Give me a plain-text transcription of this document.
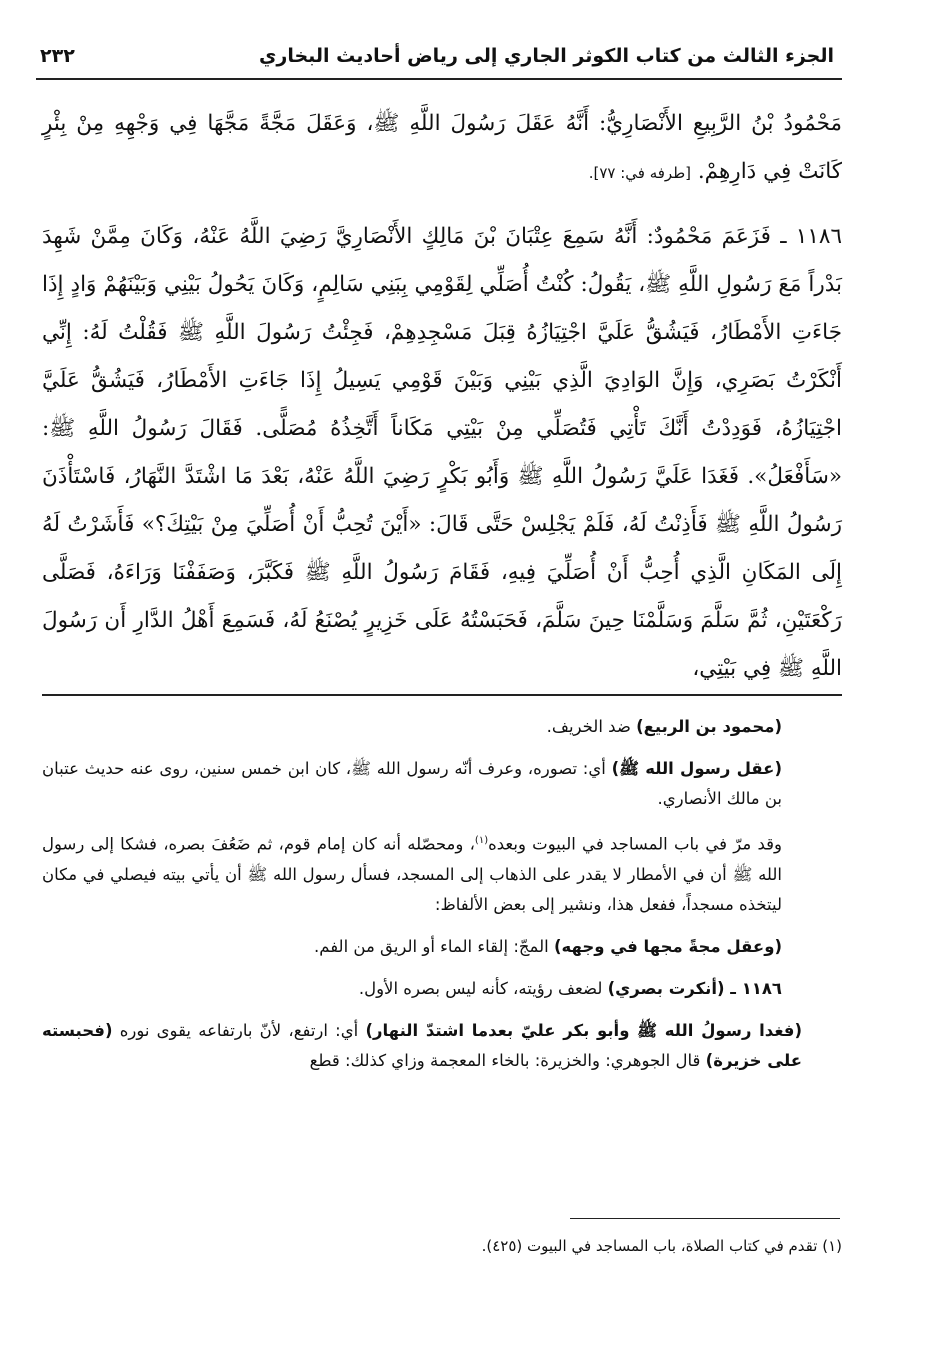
الجزء الثالث من كتاب الكوثر الجاري إلى رياض أحاديث البخاري
٢٣٢

مَحْمُودُ بْنُ الرَّبِيعِ الأَنْصَارِيُّ: أَنَّهُ عَقَلَ رَسُولَ اللَّهِ ﷺ، وَعَقَلَ مَجَّةً مَجَّهَا فِي وَجْهِهِ مِنْ بِئْرٍ كَانَتْ فِي دَارِهِمْ. [طرفه في: ٧٧].

١١٨٦ ـ فَزَعَمَ مَحْمُودٌ: أَنَّهُ سَمِعَ عِتْبَانَ بْنَ مَالِكٍ الأَنْصَارِيَّ رَضِيَ اللَّهُ عَنْهُ، وَكَانَ مِمَّنْ شَهِدَ بَدْراً مَعَ رَسُولِ اللَّهِ ﷺ، يَقُولُ: كُنْتُ أُصَلِّي لِقَوْمِي بِبَنِي سَالِمٍ، وَكَانَ يَحُولُ بَيْنِي وَبَيْنَهُمْ وَادٍ إِذَا جَاءَتِ الأَمْطَارُ، فَيَشُقُّ عَلَيَّ اجْتِيَازُهُ قِبَلَ مَسْجِدِهِمْ، فَجِئْتُ رَسُولَ اللَّهِ ﷺ فَقُلْتُ لَهُ: إِنِّي أَنْكَرْتُ بَصَرِي، وَإِنَّ الوَادِيَ الَّذِي بَيْنِي وَبَيْنَ قَوْمِي يَسِيلُ إِذَا جَاءَتِ الأَمْطَارُ، فَيَشُقُّ عَلَيَّ اجْتِيَازُهُ، فَوَدِدْتُ أَنَّكَ تَأْتِي فَتُصَلِّي مِنْ بَيْتِي مَكَاناً أَتَّخِذُهُ مُصَلًّى. فَقَالَ رَسُولُ اللَّهِ ﷺ: «سَأَفْعَلُ». فَغَدَا عَلَيَّ رَسُولُ اللَّهِ ﷺ وَأَبُو بَكْرٍ رَضِيَ اللَّهُ عَنْهُ، بَعْدَ مَا اشْتَدَّ النَّهَارُ، فَاسْتَأْذَنَ رَسُولُ اللَّهِ ﷺ فَأَذِنْتُ لَهُ، فَلَمْ يَجْلِسْ حَتَّى قَالَ: «أَيْنَ تُحِبُّ أَنْ أُصَلِّيَ مِنْ بَيْتِكَ؟» فَأَشَرْتُ لَهُ إِلَى المَكَانِ الَّذِي أُحِبُّ أَنْ أُصَلِّيَ فِيهِ، فَقَامَ رَسُولُ اللَّهِ ﷺ فَكَبَّرَ، وَصَفَفْنَا وَرَاءَهُ، فَصَلَّى رَكْعَتَيْنِ، ثُمَّ سَلَّمَ وَسَلَّمْنَا حِينَ سَلَّمَ، فَحَبَسْتُهُ عَلَى خَزِيرٍ يُصْنَعُ لَهُ، فَسَمِعَ أَهْلُ الدَّارِ أَن رَسُولَ اللَّهِ ﷺ فِي بَيْتِي،

(محمود بن الربيع) ضد الخريف.

(عقل رسول الله ﷺ) أي: تصوره، وعرف أنّه رسول الله ﷺ، كان ابن خمس سنين، روى عنه حديث عتبان بن مالك الأنصاري.

وقد مرّ في باب المساجد في البيوت وبعده$^{(١)}$، ومحصّله أنه كان إمام قوم، ثم ضَعُفَ بصره، فشكا إلى رسول الله ﷺ أن في الأمطار لا يقدر على الذهاب إلى المسجد، فسأل رسول الله ﷺ أن يأتي بيته فيصلي في مكان ليتخذه مسجداً، ففعل هذا، ونشير إلى بعض الألفاظ:

(وعقل مجةً مجها في وجهه) المجّ: إلقاء الماء أو الريق من الفم.

١١٨٦ ـ (أنكرت بصري) لضعف رؤيته، كأنه ليس بصره الأول.

(فغدا رسولُ الله ﷺ وأبو بكر عليّ بعدما اشتدّ النهار) أي: ارتفع، لأنّ بارتفاعه يقوى نوره (فحبسته على خزيرة) قال الجوهري: والخزيرة: بالخاء المعجمة وزاي كذلك: قطع

(١) تقدم في كتاب الصلاة، باب المساجد في البيوت (٤٢٥).
